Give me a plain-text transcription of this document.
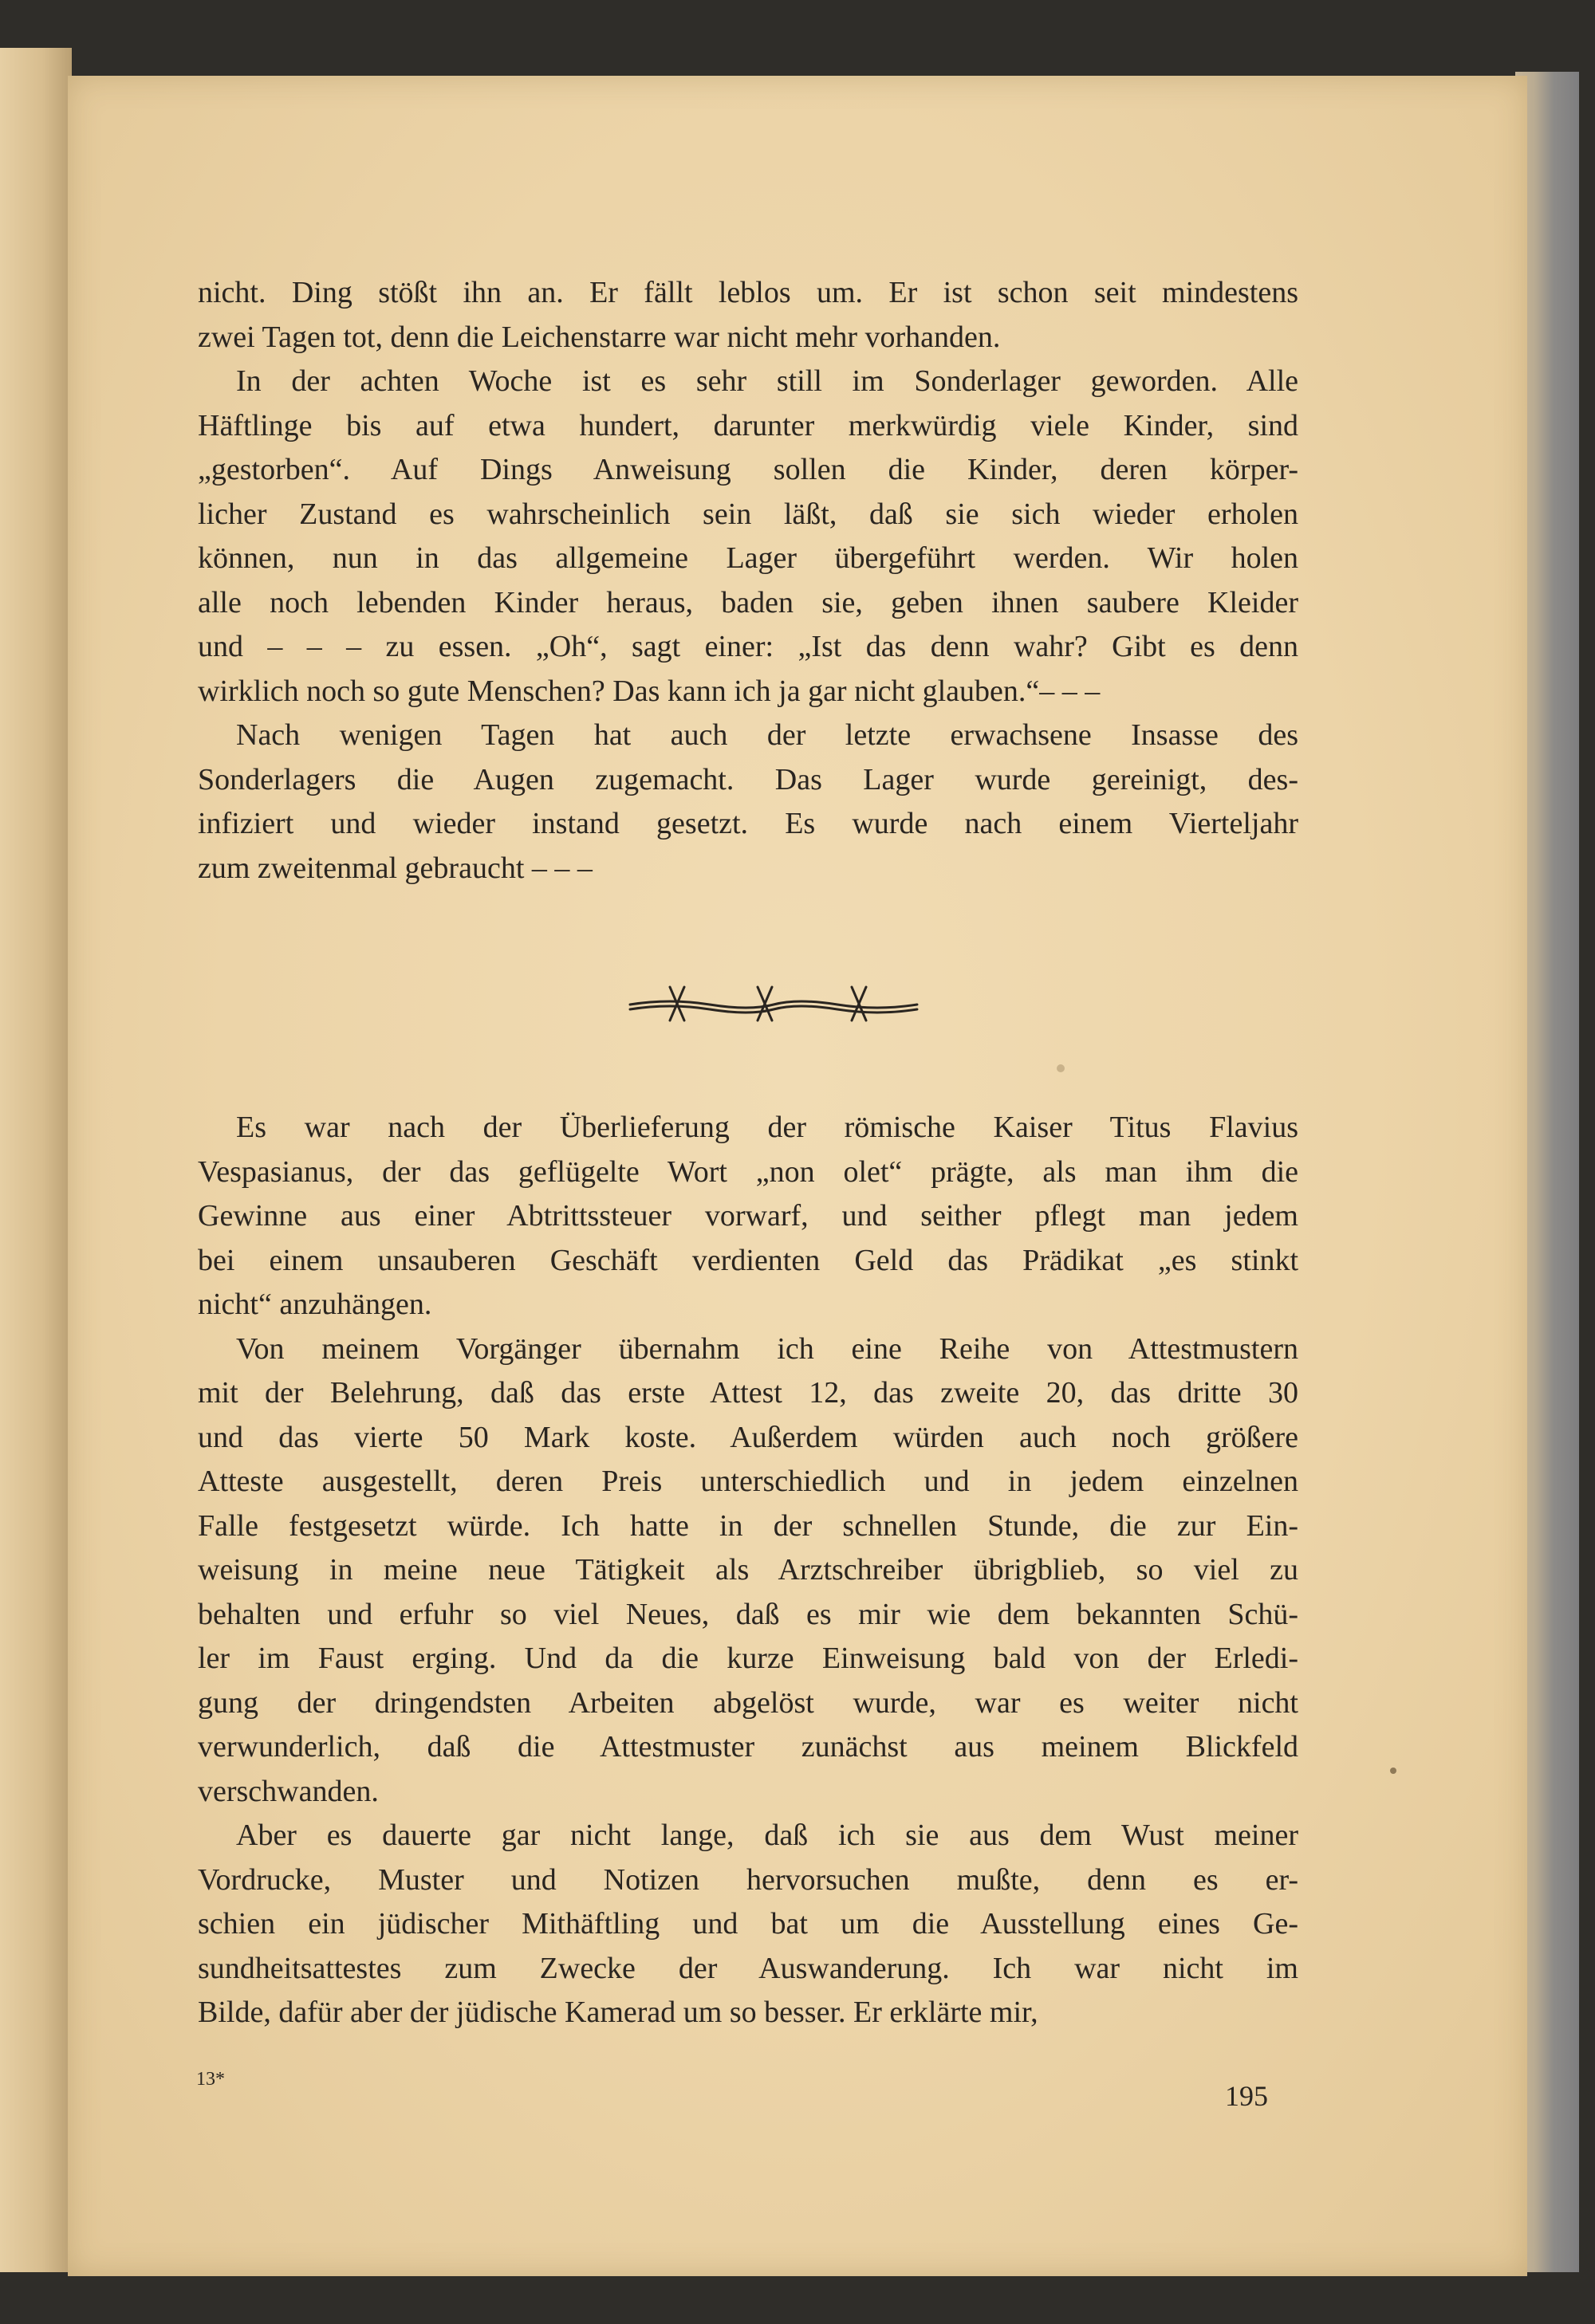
nicht. Ding stößt ihn an. Er fällt leblos um. Er ist schon seit mindestens
zwei Tagen tot, denn die Leichenstarre war nicht mehr vorhanden.
In der achten Woche ist es sehr still im Sonderlager geworden. Alle
Häftlinge bis auf etwa hundert, darunter merkwürdig viele Kinder, sind
„gestorben“. Auf Dings Anweisung sollen die Kinder, deren körper-
licher Zustand es wahrscheinlich sein läßt, daß sie sich wieder erholen
können, nun in das allgemeine Lager übergeführt werden. Wir holen
alle noch lebenden Kinder heraus, baden sie, geben ihnen saubere Kleider
und – – – zu essen. „Oh“, sagt einer: „Ist das denn wahr? Gibt es denn
wirklich noch so gute Menschen? Das kann ich ja gar nicht glauben.“– – –
Nach wenigen Tagen hat auch der letzte erwachsene Insasse des
Sonderlagers die Augen zugemacht. Das Lager wurde gereinigt, des-
infiziert und wieder instand gesetzt. Es wurde nach einem Vierteljahr
zum zweitenmal gebraucht – – –
Es war nach der Überlieferung der römische Kaiser Titus Flavius
Vespasianus, der das geflügelte Wort „non olet“ prägte, als man ihm die
Gewinne aus einer Abtrittssteuer vorwarf, und seither pflegt man jedem
bei einem unsauberen Geschäft verdienten Geld das Prädikat „es stinkt
nicht“ anzuhängen.
Von meinem Vorgänger übernahm ich eine Reihe von Attestmustern
mit der Belehrung, daß das erste Attest 12, das zweite 20, das dritte 30
und das vierte 50 Mark koste. Außerdem würden auch noch größere
Atteste ausgestellt, deren Preis unterschiedlich und in jedem einzelnen
Falle festgesetzt würde. Ich hatte in der schnellen Stunde, die zur Ein-
weisung in meine neue Tätigkeit als Arztschreiber übrigblieb, so viel zu
behalten und erfuhr so viel Neues, daß es mir wie dem bekannten Schü-
ler im Faust erging. Und da die kurze Einweisung bald von der Erledi-
gung der dringendsten Arbeiten abgelöst wurde, war es weiter nicht
verwunderlich, daß die Attestmuster zunächst aus meinem Blickfeld
verschwanden.
Aber es dauerte gar nicht lange, daß ich sie aus dem Wust meiner
Vordrucke, Muster und Notizen hervorsuchen mußte, denn es er-
schien ein jüdischer Mithäftling und bat um die Ausstellung eines Ge-
sundheitsattestes zum Zwecke der Auswanderung. Ich war nicht im
Bilde, dafür aber der jüdische Kamerad um so besser. Er erklärte mir,
13*
195
